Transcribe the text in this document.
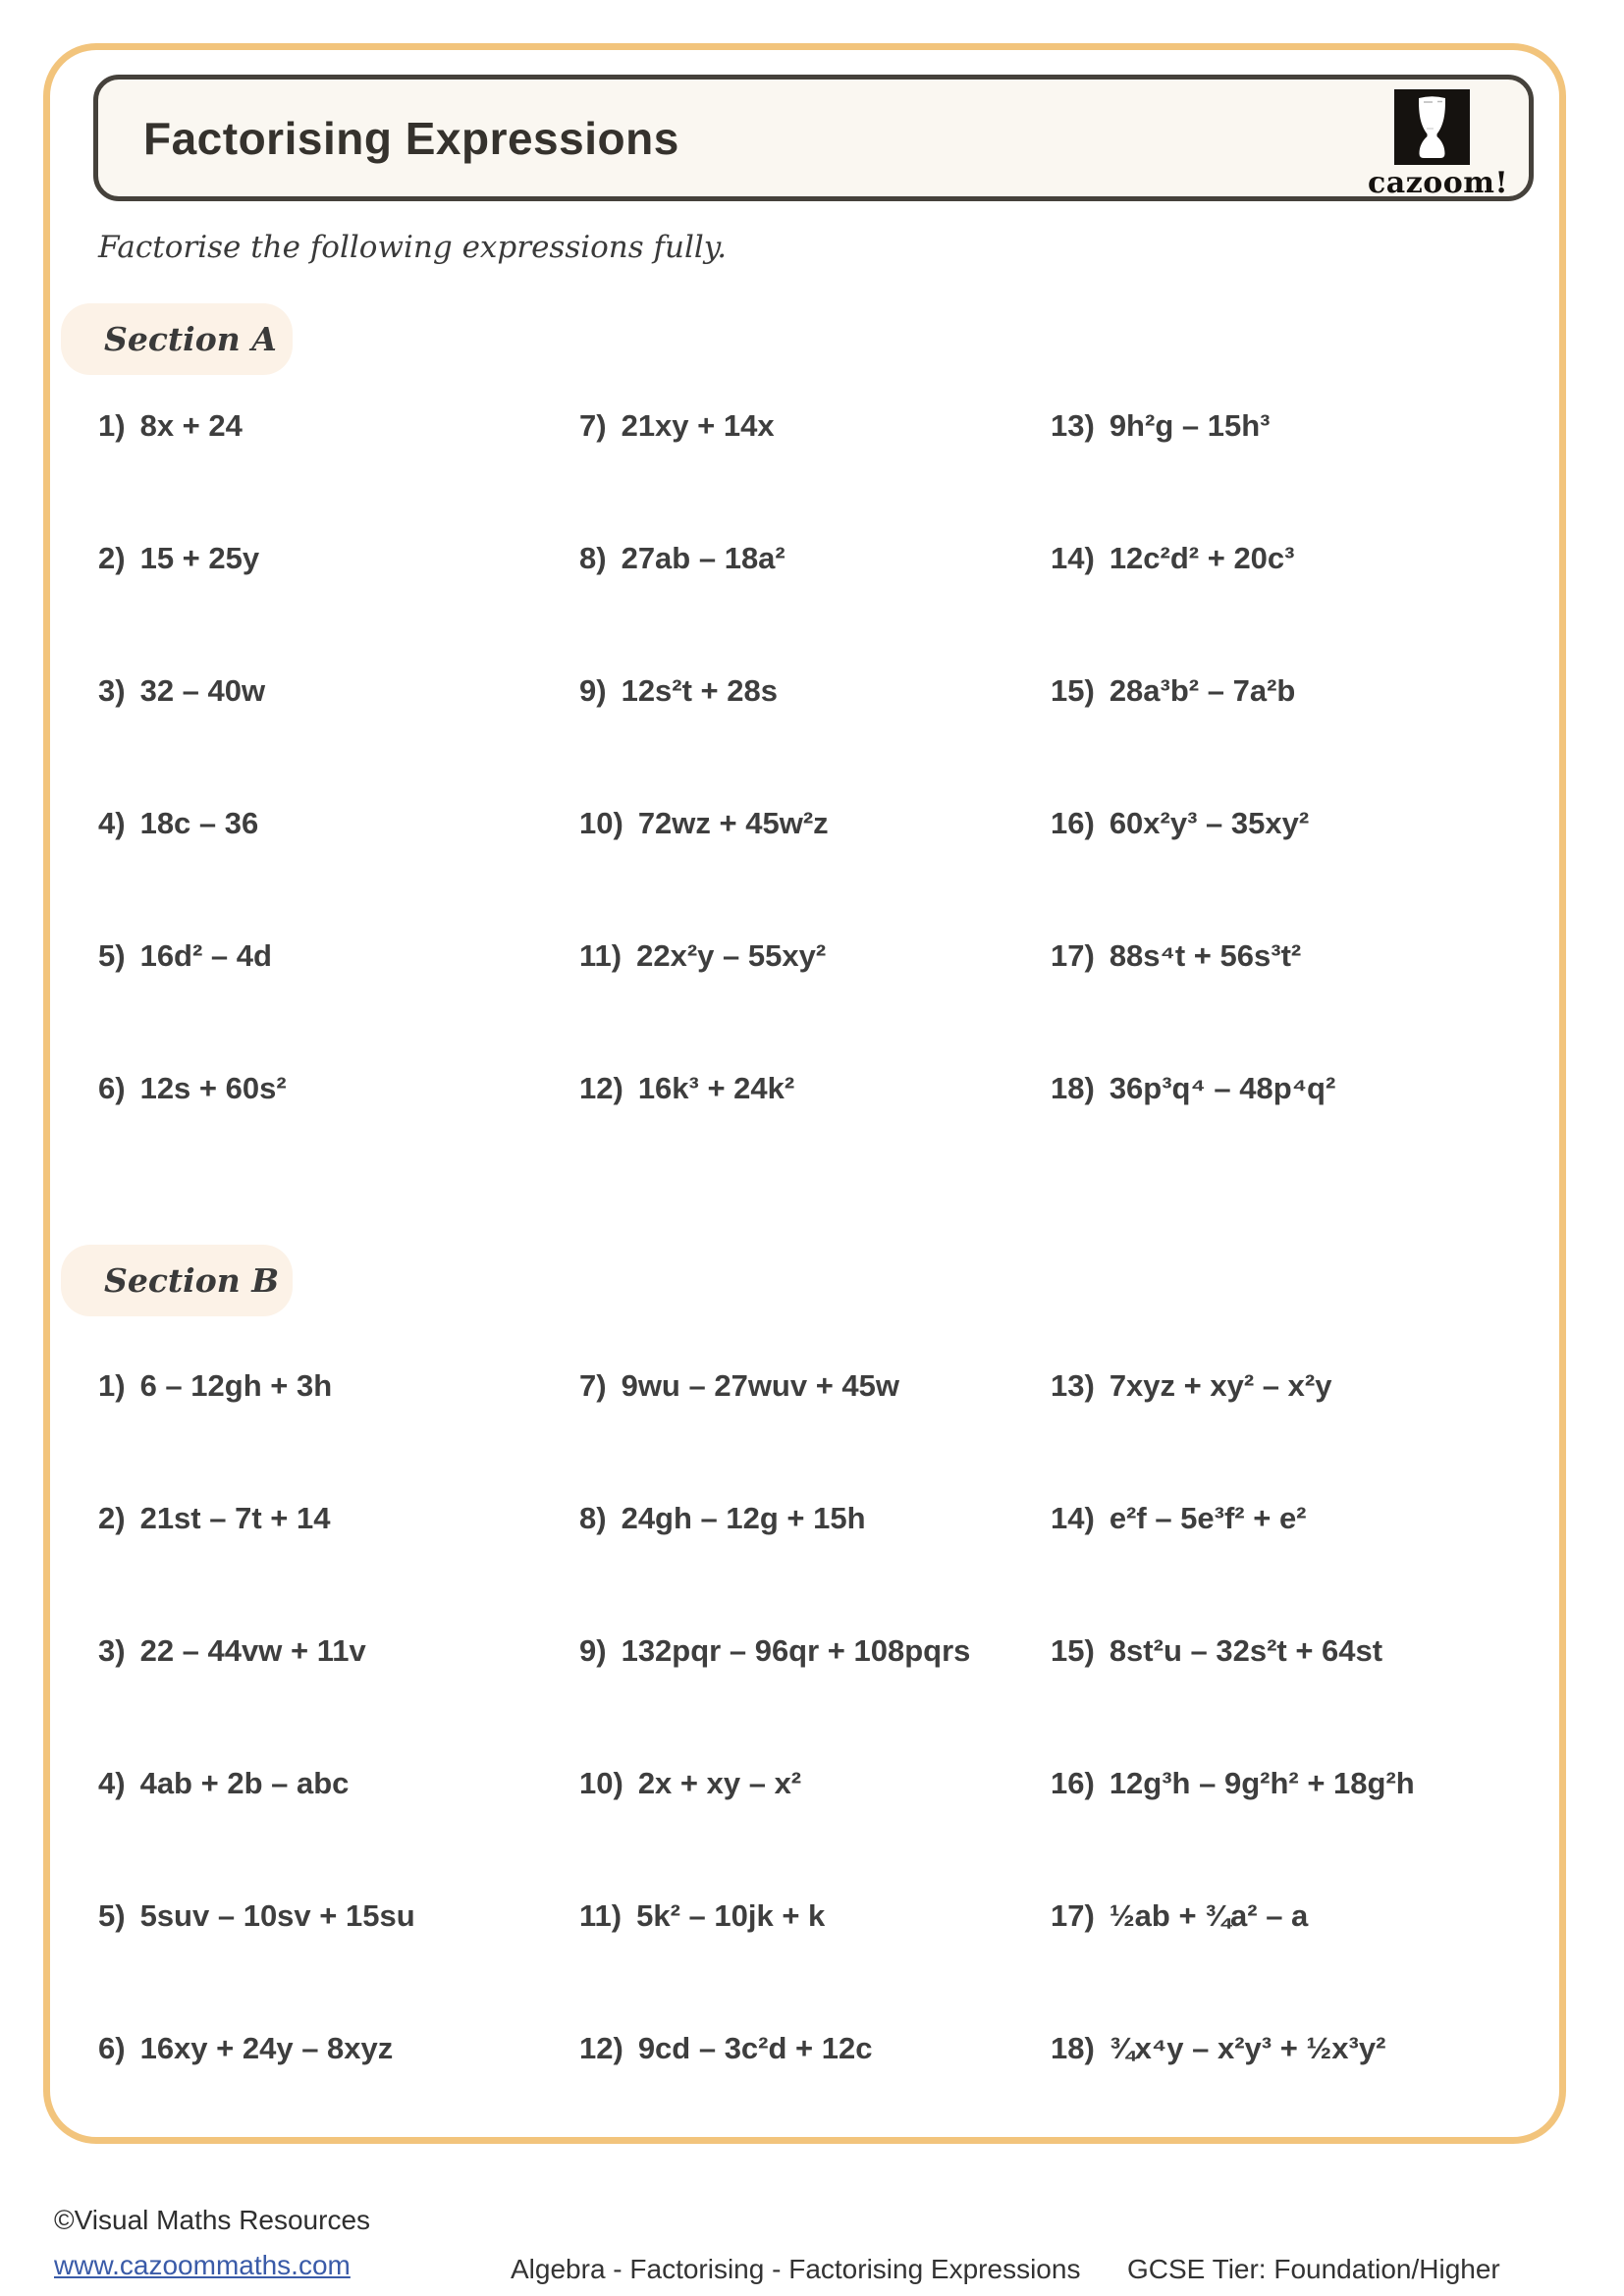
Factorising Expressions
cazoom!
Factorise the following expressions fully.
Section A
1) 8x + 24
2) 15 + 25y
3) 32 – 40w
4) 18c – 36
5) 16d² – 4d
6) 12s + 60s²
7) 21xy + 14x
8) 27ab – 18a²
9) 12s²t + 28s
10) 72wz + 45w²z
11) 22x²y – 55xy²
12) 16k³ + 24k²
13) 9h²g – 15h³
14) 12c²d² + 20c³
15) 28a³b² – 7a²b
16) 60x²y³ – 35xy²
17) 88s⁴t + 56s³t²
18) 36p³q⁴ – 48p⁴q²
Section B
1) 6 – 12gh + 3h
2) 21st – 7t + 14
3) 22 – 44vw + 11v
4) 4ab + 2b – abc
5) 5suv – 10sv + 15su
6) 16xy + 24y – 8xyz
7) 9wu – 27wuv + 45w
8) 24gh – 12g + 15h
9) 132pqr – 96qr + 108pqrs
10) 2x + xy – x²
11) 5k² – 10jk + k
12) 9cd – 3c²d + 12c
13) 7xyz + xy² – x²y
14) e²f – 5e³f² + e²
15) 8st²u – 32s²t + 64st
16) 12g³h – 9g²h² + 18g²h
17) ½ab + ¾a² – a
18) ¾x⁴y – x²y³ + ½x³y²
©Visual Maths Resources
www.cazoommaths.com	Algebra - Factorising - Factorising Expressions GCSE Tier: Foundation/Higher
